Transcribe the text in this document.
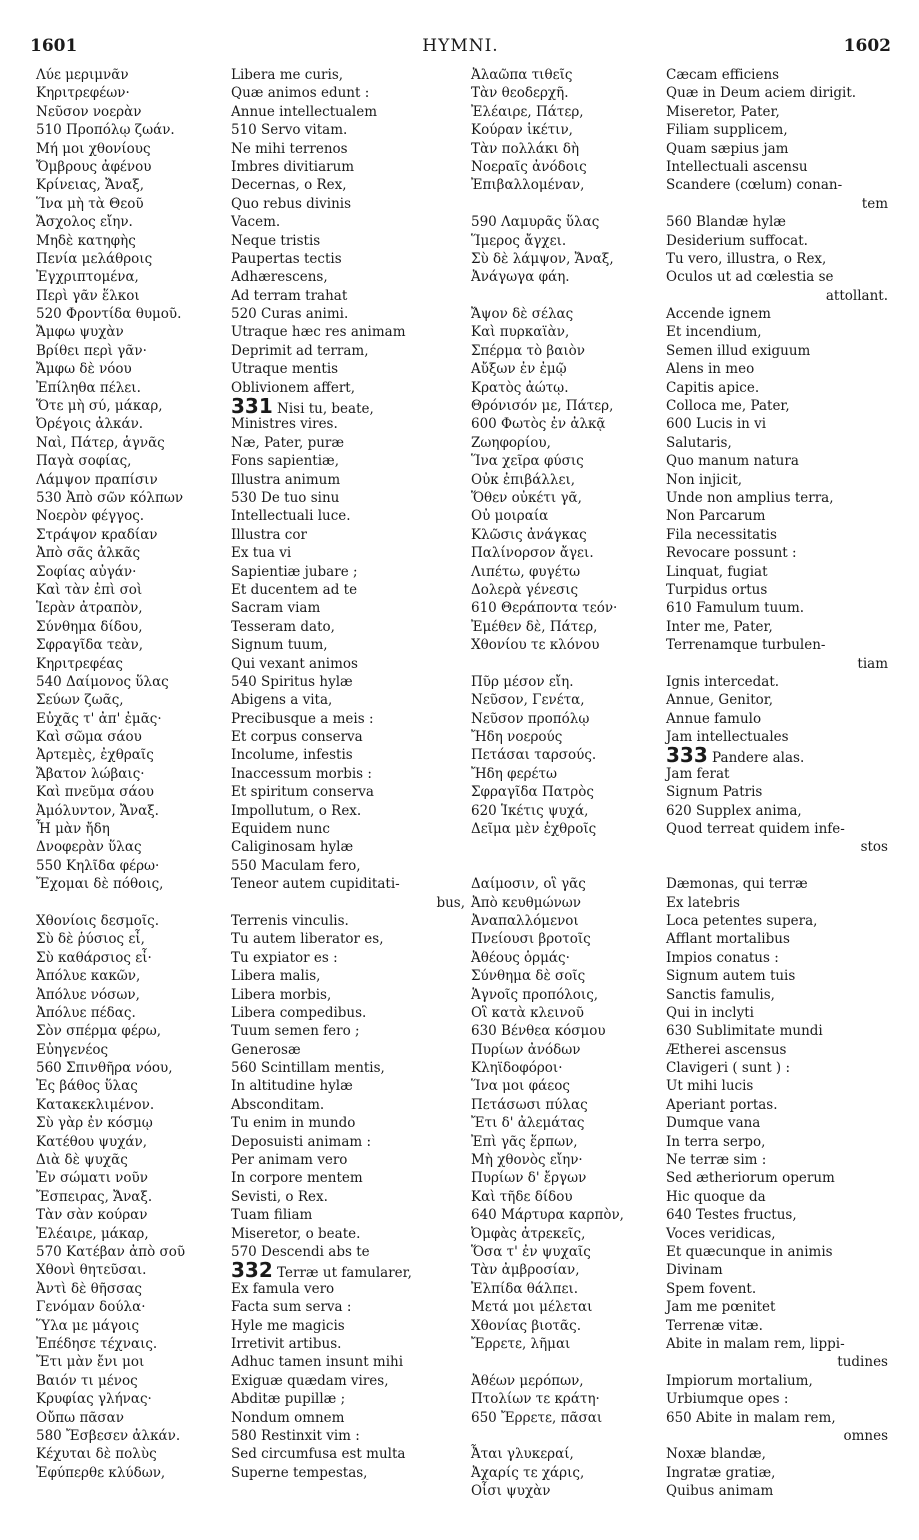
1601	HYMNI.	1602
Λύε μεριμνᾶν
Κηριτρεφέων·
Νεῦσον νοερὰν
510 Προπόλῳ ζωάν.
Μή μοι χθονίους
Ὄμβρους ἀφένου
Κρίνειας, Ἄναξ,
Ἵνα μὴ τὰ Θεοῦ
Ἄσχολος εἴην.
Μηδὲ κατηφὴς
Πενία μελάθροις
Ἐγχριπτομένα,
Περὶ γᾶν ἕλκοι
520 Φροντίδα θυμοῦ.
Ἄμφω ψυχὰν
Βρίθει περὶ γᾶν·
Ἄμφω δὲ νόου
Ἐπίληθα πέλει.
Ὅτε μὴ σύ, μάκαρ,
Ὀρέγοις ἀλκάν.
Ναὶ, Πάτερ, ἁγνᾶς
Παγὰ σοφίας,
Λάμψον πραπίσιν
530 Ἀπὸ σῶν κόλπων
Νοερὸν φέγγος.
Στράψον κραδίαν
Ἀπὸ σᾶς ἀλκᾶς
Σοφίας αὐγάν·
Καὶ τὰν ἐπὶ σοὶ
Ἱερὰν ἀτραπὸν,
Σύνθημα δίδου,
Σφραγῖδα τεὰν,
Κηριτρεφέας
540 Δαίμονος ὕλας
Σεύων ζωᾶς,
Εὐχᾶς τ' ἀπ' ἐμᾶς·
Καὶ σῶμα σάου
Ἀρτεμὲς, ἐχθραῖς
Ἄβατον λώβαις·
Καὶ πνεῦμα σάου
Ἀμόλυντον, Ἄναξ.
Ἦ μὰν ἤδη
Δνοφερὰν ὕλας
550 Κηλῖδα φέρω·
Ἔχομαι δὲ πόθοις,
Χθονίοις δεσμοῖς.
Σὺ δὲ ῥύσιος εἶ,
Σὺ καθάρσιος εἶ·
Ἀπόλυε κακῶν,
Ἀπόλυε νόσων,
Ἀπόλυε πέδας.
Σὸν σπέρμα φέρω,
Εὐηγενέος
560 Σπινθῆρα νόου,
Ἐς βάθος ὕλας
Κατακεκλιμένον.
Σὺ γὰρ ἐν κόσμῳ
Κατέθου ψυχάν,
Διὰ δὲ ψυχᾶς
Ἐν σώματι νοῦν
Ἔσπειρας, Ἄναξ.
Τὰν σὰν κούραν
Ἐλέαιρε, μάκαρ,
570 Κατέβαν ἀπὸ σοῦ
Χθονὶ θητεῦσαι.
Ἀντὶ δὲ θῆσσας
Γενόμαν δούλα·
Ὕλα με μάγοις
Ἐπέδησε τέχναις.
Ἔτι μὰν ἔνι μοι
Βαιόν τι μένος
Κρυφίας γλήνας·
Οὔπω πᾶσαν
580 Ἔσβεσεν ἀλκάν.
Κέχυται δὲ πολὺς
Ἐφύπερθε κλύδων,
Libera me curis,
Quæ animos edunt :
Annue intellectualem
510 Servo vitam.
Ne mihi terrenos
Imbres divitiarum
Decernas, o Rex,
Quo rebus divinis
Vacem.
Neque tristis
Paupertas tectis
Adhærescens,
Ad terram trahat
520 Curas animi.
Utraque hæc res animam
Deprimit ad terram,
Utraque mentis
Oblivionem affert,
331 Nisi tu, beate,
Ministres vires.
Næ, Pater, puræ
Fons sapientiæ,
Illustra animum
530 De tuo sinu
Intellectuali luce.
Illustra cor
Ex tua vi
Sapientiæ jubare ;
Et ducentem ad te
Sacram viam
Tesseram dato,
Signum tuum,
Qui vexant animos
540 Spiritus hylæ
Abigens a vita,
Precibusque a meis :
Et corpus conserva
Incolume, infestis
Inaccessum morbis :
Et spiritum conserva
Impollutum, o Rex.
Equidem nunc
Caliginosam hylæ
550 Maculam fero,
Teneor autem cupiditati-
bus,
Terrenis vinculis.
Tu autem liberator es,
Tu expiator es :
Libera malis,
Libera morbis,
Libera compedibus.
Tuum semen fero ;
Generosæ
560 Scintillam mentis,
In altitudine hylæ
Absconditam.
Tu enim in mundo
Deposuisti animam :
Per animam vero
In corpore mentem
Sevisti, o Rex.
Tuam filiam
Miseretor, o beate.
570 Descendi abs te
332 Terræ ut famularer,
Ex famula vero
Facta sum serva :
Hyle me magicis
Irretivit artibus.
Adhuc tamen insunt mihi
Exiguæ quædam vires,
Abditæ pupillæ ;
Nondum omnem
580 Restinxit vim :
Sed circumfusa est multa
Superne tempestas,
Ἀλαῶπα τιθεῖς
Τὰν θεοδερχῆ.
Ἐλέαιρε, Πάτερ,
Κούραν ἱκέτιν,
Τὰν πολλάκι δὴ
Νοεραῖς ἀνόδοις
Ἐπιβαλλομέναν,
590 Λαμυρᾶς ὕλας
Ἵμερος ἄγχει.
Σὺ δὲ λάμψον, Ἄναξ,
Ἀνάγωγα φάη.
Ἄψον δὲ σέλας
Καὶ πυρκαϊὰν,
Σπέρμα τὸ βαιὸν
Αὔξων ἐν ἐμῷ
Κρατὸς ἀώτῳ.
Θρόνισόν με, Πάτερ,
600 Φωτὸς ἐν ἀλκᾷ
Ζωηφορίου,
Ἵνα χεῖρα φύσις
Οὐκ ἐπιβάλλει,
Ὅθεν οὐκέτι γᾶ,
Οὐ μοιραία
Κλῶσις ἀνάγκας
Παλίνορσον ἄγει.
Λιπέτω, φυγέτω
Δολερὰ γένεσις
610 Θεράποντα τεόν·
Ἐμέθεν δὲ, Πάτερ,
Χθονίου τε κλόνου
Πῦρ μέσον εἴη.
Νεῦσον, Γενέτα,
Νεῦσον προπόλῳ
Ἤδη νοερούς
Πετάσαι ταρσούς.
Ἤδη φερέτω
Σφραγῖδα Πατρὸς
620 Ἱκέτις ψυχά,
Δεῖμα μὲν ἐχθροῖς
Δαίμοσιν, οἳ γᾶς
Ἀπὸ κευθμώνων
Ἀναπαλλόμενοι
Πνείουσι βροτοῖς
Ἀθέους ὁρμάς·
Σύνθημα δὲ σοῖς
Ἁγνοῖς προπόλοις,
Οἳ κατὰ κλεινοῦ
630 Βένθεα κόσμου
Πυρίων ἀνόδων
Κληϊδοφόροι·
Ἵνα μοι φάεος
Πετάσωσι πύλας
Ἔτι δ' ἀλεμάτας
Ἐπὶ γᾶς ἕρπων,
Μὴ χθονὸς εἴην·
Πυρίων δ' ἔργων
Καὶ τῆδε δίδου
640 Μάρτυρα καρπὸν,
Ὀμφὰς ἀτρεκεῖς,
Ὅσα τ' ἐν ψυχαῖς
Τὰν ἀμβροσίαν,
Ἐλπίδα θάλπει.
Μετά μοι μέλεται
Χθονίας βιοτᾶς.
Ἔρρετε, λῆμαι
Ἀθέων μερόπων,
Πτολίων τε κράτη·
650 Ἔρρετε, πᾶσαι
Ἆται γλυκεραί,
Ἀχαρίς τε χάρις,
Οἷσι ψυχὰν
Cæcam efficiens
Quæ in Deum aciem dirigit.
Miseretor, Pater,
Filiam supplicem,
Quam sæpius jam
Intellectuali ascensu
Scandere (cœlum) conan-
tem
560 Blandæ hylæ
Desiderium suffocat.
Tu vero, illustra, o Rex,
Oculos ut ad cœlestia se
attollant.
Accende ignem
Et incendium,
Semen illud exiguum
Alens in meo
Capitis apice.
Colloca me, Pater,
600 Lucis in vi
Salutaris,
Quo manum natura
Non injicit,
Unde non amplius terra,
Non Parcarum
Fila necessitatis
Revocare possunt :
Linquat, fugiat
Turpidus ortus
610 Famulum tuum.
Inter me, Pater,
Terrenamque turbulen-
tiam
Ignis intercedat.
Annue, Genitor,
Annue famulo
Jam intellectuales
333 Pandere alas.
Jam ferat
Signum Patris
620 Supplex anima,
Quod terreat quidem infe-
stos
Dæmonas, qui terræ
Ex latebris
Loca petentes supera,
Afflant mortalibus
Impios conatus :
Signum autem tuis
Sanctis famulis,
Qui in inclyti
630 Sublimitate mundi
Ætherei ascensus
Clavigeri ( sunt ) :
Ut mihi lucis
Aperiant portas.
Dumque vana
In terra serpo,
Ne terræ sim :
Sed ætheriorum operum
Hic quoque da
640 Testes fructus,
Voces veridicas,
Et quæcunque in animis
Divinam
Spem fovent.
Jam me pœnitet
Terrenæ vitæ.
Abite in malam rem, lippi-
tudines
Impiorum mortalium,
Urbiumque opes :
650 Abite in malam rem,
omnes
Noxæ blandæ,
Ingratæ gratiæ,
Quibus animam
